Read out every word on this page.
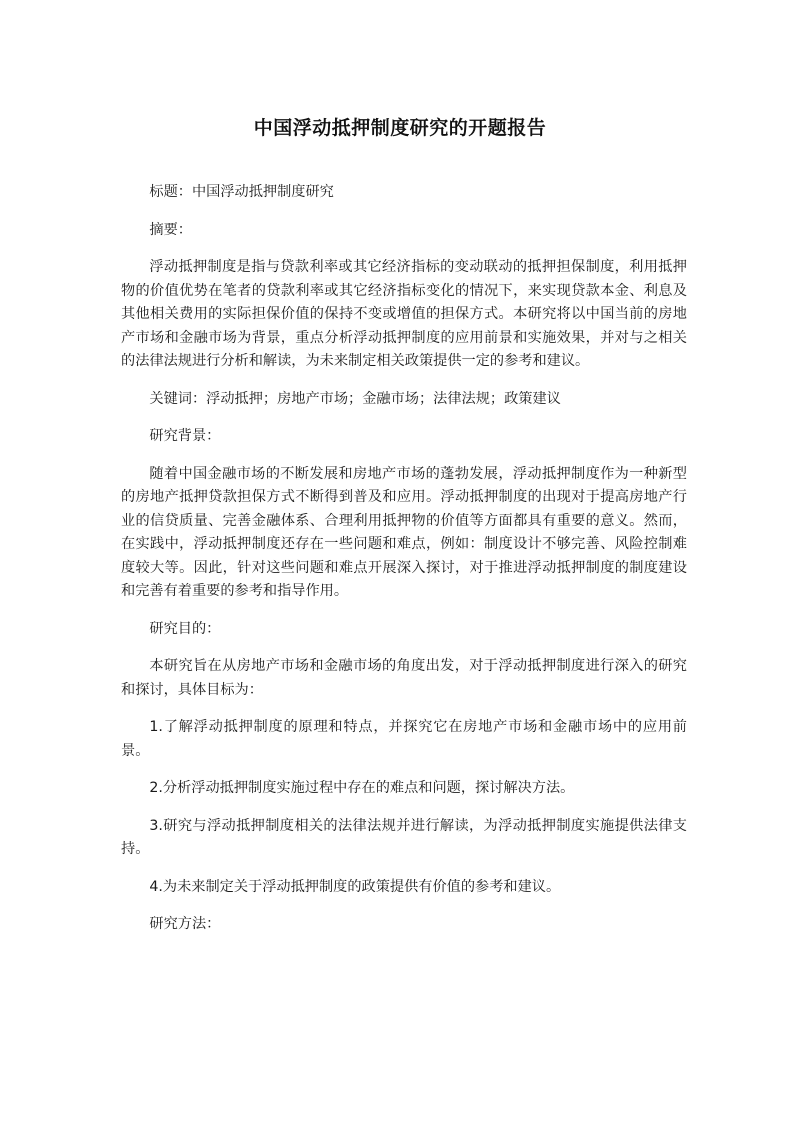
中国浮动抵押制度研究的开题报告

标题：中国浮动抵押制度研究

摘要：

浮动抵押制度是指与贷款利率或其它经济指标的变动联动的抵押担保制度，利用抵押物的价值优势在笔者的贷款利率或其它经济指标变化的情况下，来实现贷款本金、利息及其他相关费用的实际担保价值的保持不变或增值的担保方式。本研究将以中国当前的房地产市场和金融市场为背景，重点分析浮动抵押制度的应用前景和实施效果，并对与之相关的法律法规进行分析和解读，为未来制定相关政策提供一定的参考和建议。

关键词：浮动抵押；房地产市场；金融市场；法律法规；政策建议

研究背景：

随着中国金融市场的不断发展和房地产市场的蓬勃发展，浮动抵押制度作为一种新型的房地产抵押贷款担保方式不断得到普及和应用。浮动抵押制度的出现对于提高房地产行业的信贷质量、完善金融体系、合理利用抵押物的价值等方面都具有重要的意义。然而，在实践中，浮动抵押制度还存在一些问题和难点，例如：制度设计不够完善、风险控制难度较大等。因此，针对这些问题和难点开展深入探讨，对于推进浮动抵押制度的制度建设和完善有着重要的参考和指导作用。

研究目的：

本研究旨在从房地产市场和金融市场的角度出发，对于浮动抵押制度进行深入的研究和探讨，具体目标为：

1.了解浮动抵押制度的原理和特点，并探究它在房地产市场和金融市场中的应用前景。

2.分析浮动抵押制度实施过程中存在的难点和问题，探讨解决方法。

3.研究与浮动抵押制度相关的法律法规并进行解读，为浮动抵押制度实施提供法律支持。

4.为未来制定关于浮动抵押制度的政策提供有价值的参考和建议。

研究方法：
